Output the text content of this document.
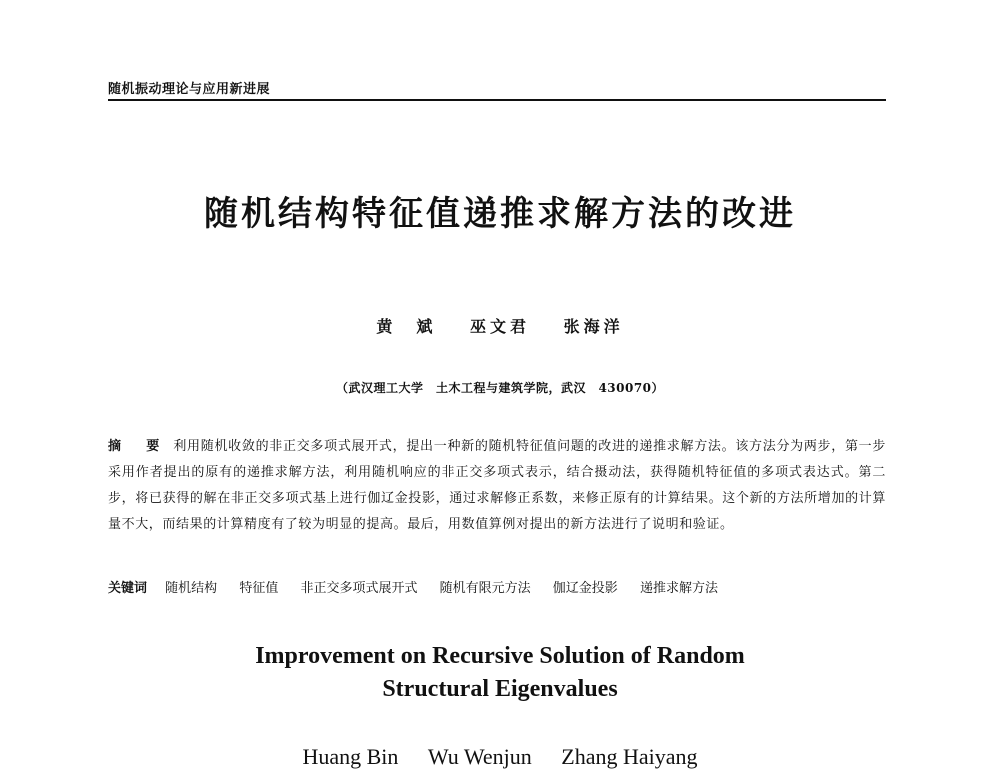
随机振动理论与应用新进展
随机结构特征值递推求解方法的改进
黄　斌 巫文君 张海洋
（武汉理工大学　土木工程与建筑学院，武汉　430070）
摘　要 利用随机收敛的非正交多项式展开式，提出一种新的随机特征值问题的改进的递推求解方法。该方法分为两步，第一步采用作者提出的原有的递推求解方法，利用随机响应的非正交多项式表示，结合摄动法，获得随机特征值的多项式表达式。第二步，将已获得的解在非正交多项式基上进行伽辽金投影，通过求解修正系数，来修正原有的计算结果。这个新的方法所增加的计算量不大，而结果的计算精度有了较为明显的提高。最后，用数值算例对提出的新方法进行了说明和验证。
关键词 随机结构 特征值 非正交多项式展开式 随机有限元方法 伽辽金投影 递推求解方法
Improvement on Recursive Solution of Random
Structural Eigenvalues
Huang Bin Wu Wenjun Zhang Haiyang
